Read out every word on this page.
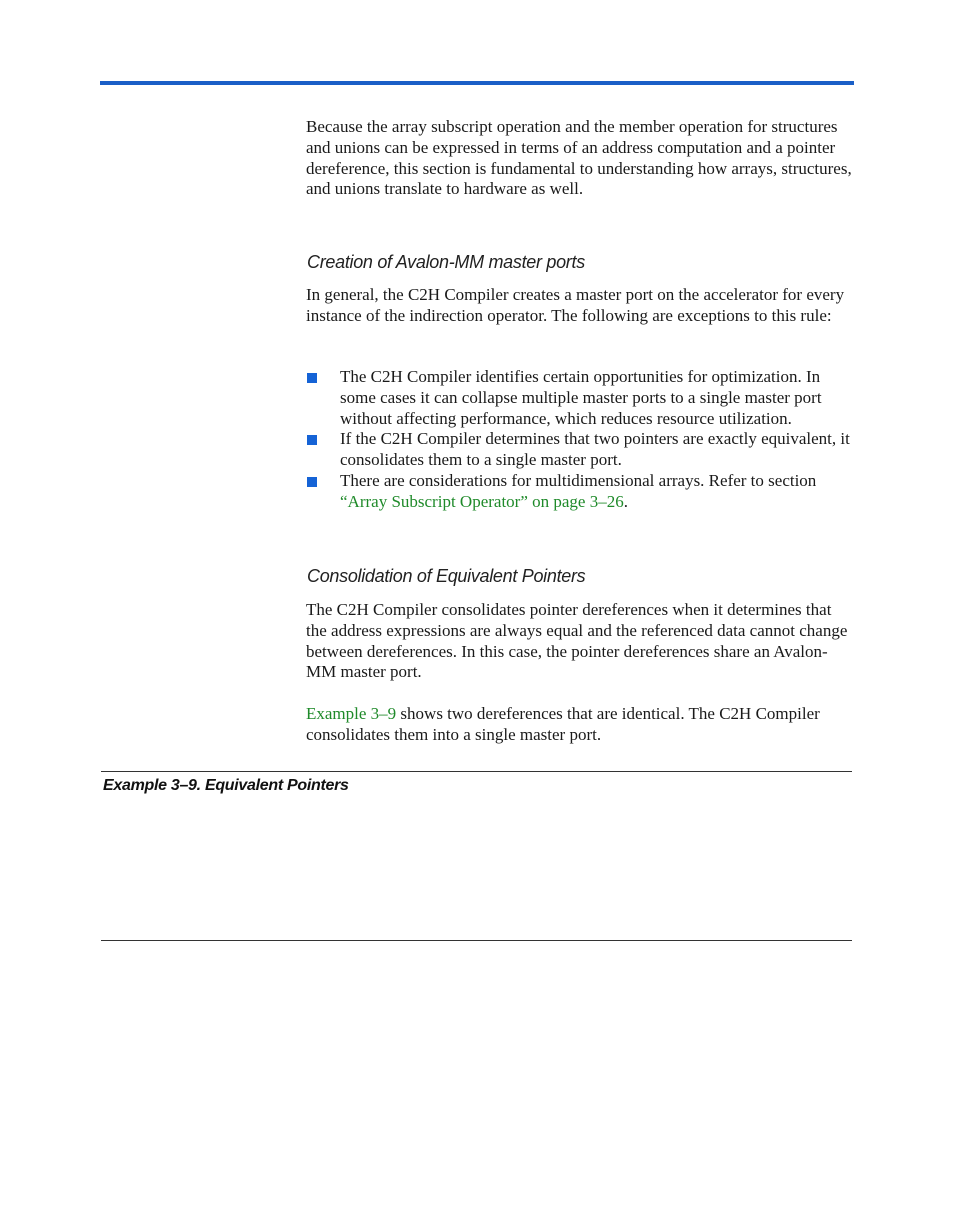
Because the array subscript operation and the member operation for structures and unions can be expressed in terms of an address computation and a pointer dereference, this section is fundamental to understanding how arrays, structures, and unions translate to hardware as well.

Creation of Avalon-MM master ports

In general, the C2H Compiler creates a master port on the accelerator for every instance of the indirection operator. The following are exceptions to this rule:

The C2H Compiler identifies certain opportunities for optimization. In some cases it can collapse multiple master ports to a single master port without affecting performance, which reduces resource utilization.
If the C2H Compiler determines that two pointers are exactly equivalent, it consolidates them to a single master port.
There are considerations for multidimensional arrays. Refer to section “Array Subscript Operator” on page 3–26.
Consolidation of Equivalent Pointers

The C2H Compiler consolidates pointer dereferences when it determines that the address expressions are always equal and the referenced data cannot change between dereferences. In this case, the pointer dereferences share an Avalon-MM master port.

Example 3–9 shows two dereferences that are identical. The C2H Compiler consolidates them into a single master port.

Example 3–9. Equivalent Pointers
